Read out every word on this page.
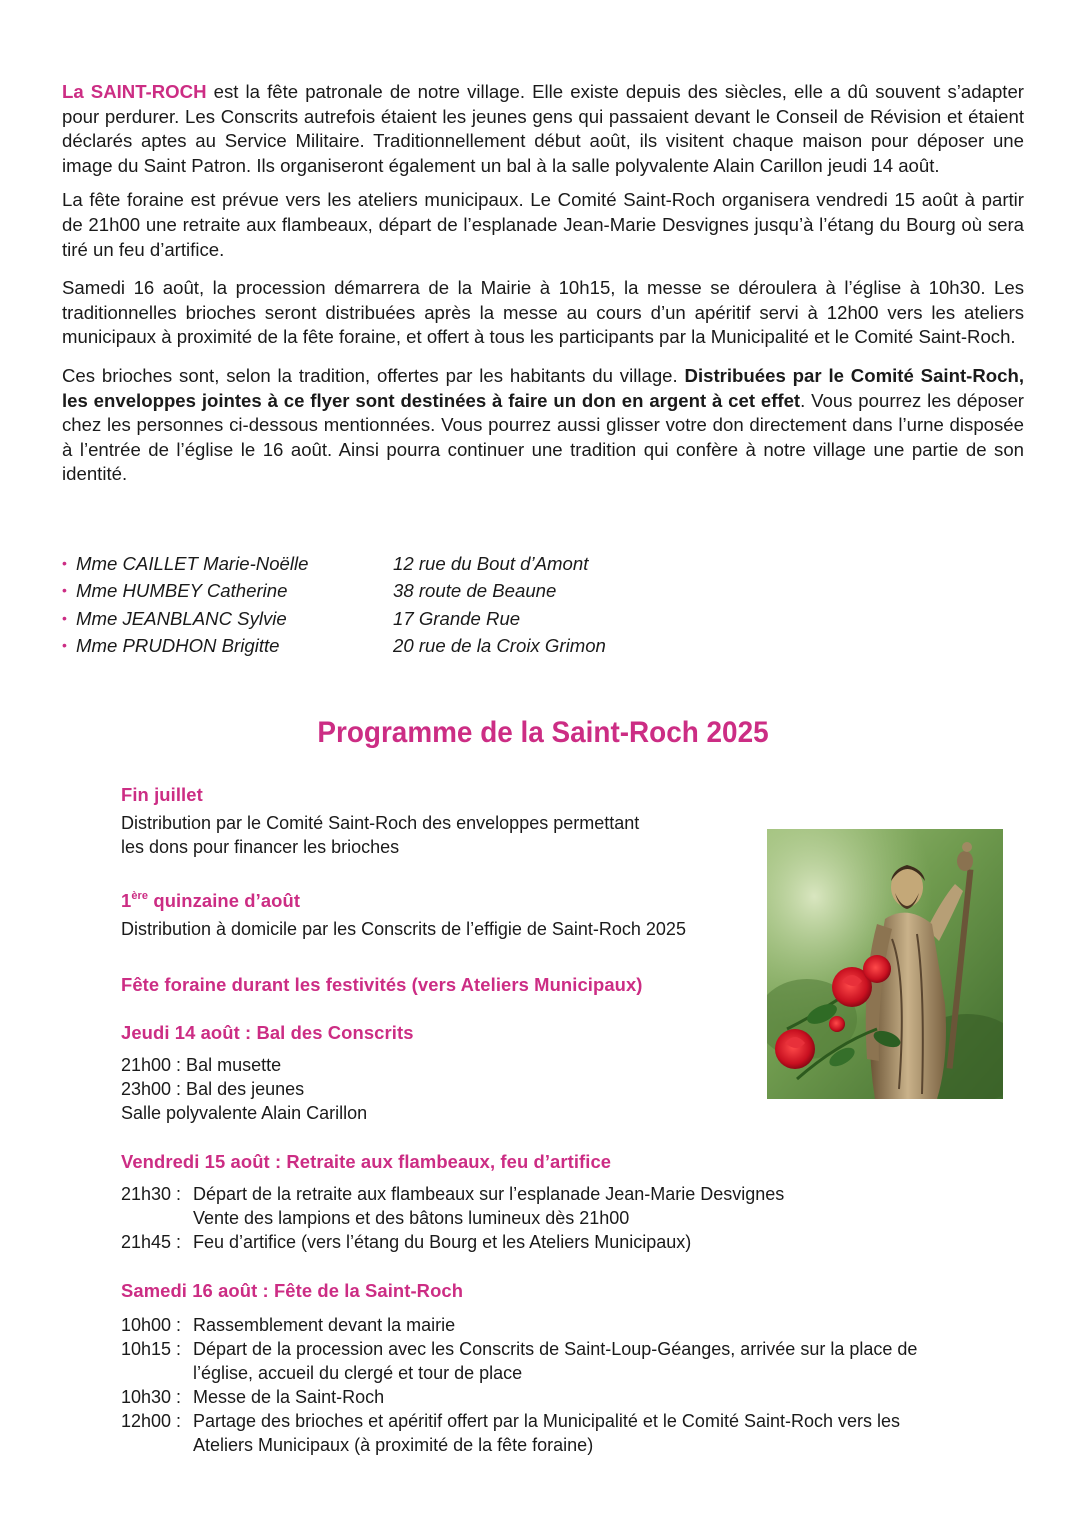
La SAINT-ROCH est la fête patronale de notre village. Elle existe depuis des siècles, elle a dû souvent s’adapter pour perdurer. Les Conscrits autrefois étaient les jeunes gens qui passaient devant le Conseil de Révision et étaient déclarés aptes au Service Militaire. Traditionnellement début août, ils visitent chaque maison pour déposer une image du Saint Patron. Ils organiseront également un bal à la salle polyvalente Alain Carillon jeudi 14 août.

La fête foraine est prévue vers les ateliers municipaux. Le Comité Saint-Roch organisera vendredi 15 août à partir de 21h00 une retraite aux flambeaux, départ de l’esplanade Jean-Marie Desvignes jusqu’à l’étang du Bourg où sera tiré un feu d’artifice.

Samedi 16 août, la procession démarrera de la Mairie à 10h15, la messe se déroulera à l’église à 10h30. Les traditionnelles brioches seront distribuées après la messe au cours d’un apéritif servi à 12h00 vers les ateliers municipaux à proximité de la fête foraine, et offert à tous les participants par la Municipalité et le Comité Saint-Roch.

Ces brioches sont, selon la tradition, offertes par les habitants du village. Distribuées par le Comité Saint-Roch, les enveloppes jointes à ce flyer sont destinées à faire un don en argent à cet effet. Vous pourrez les déposer chez les personnes ci-dessous mentionnées. Vous pourrez aussi glisser votre don directement dans l’urne disposée à l’entrée de l’église le 16 août. Ainsi pourra continuer une tradition qui confère à notre village une partie de son identité.

• Mme CAILLET Marie-Noëlle	12 rue du Bout d’Amont
• Mme HUMBEY Catherine	38 route de Beaune
• Mme JEANBLANC Sylvie	17 Grande Rue
• Mme PRUDHON Brigitte	20 rue de la Croix Grimon
Programme de la Saint-Roch 2025
Fin juillet
Distribution par le Comité Saint-Roch des enveloppes permettant
les dons pour financer les brioches
1ère quinzaine d’août
Distribution à domicile par les Conscrits de l’effigie de Saint-Roch 2025
Fête foraine durant les festivités (vers Ateliers Municipaux)
Jeudi 14 août : Bal des Conscrits
21h00 : Bal musette
23h00 : Bal des jeunes
Salle polyvalente Alain Carillon
Vendredi 15 août : Retraite aux flambeaux, feu d’artifice
21h30 : Départ de la retraite aux flambeaux sur l’esplanade Jean-Marie Desvignes
Vente des lampions et des bâtons lumineux dès 21h00
21h45 : Feu d’artifice (vers l’étang du Bourg et les Ateliers Municipaux)
Samedi 16 août : Fête de la Saint-Roch
10h00 : Rassemblement devant la mairie
10h15 : Départ de la procession avec les Conscrits de Saint-Loup-Géanges, arrivée sur la place de
l’église, accueil du clergé et tour de place
10h30 : Messe de la Saint-Roch
12h00 : Partage des brioches et apéritif offert par la Municipalité et le Comité Saint-Roch vers les
Ateliers Municipaux (à proximité de la fête foraine)
